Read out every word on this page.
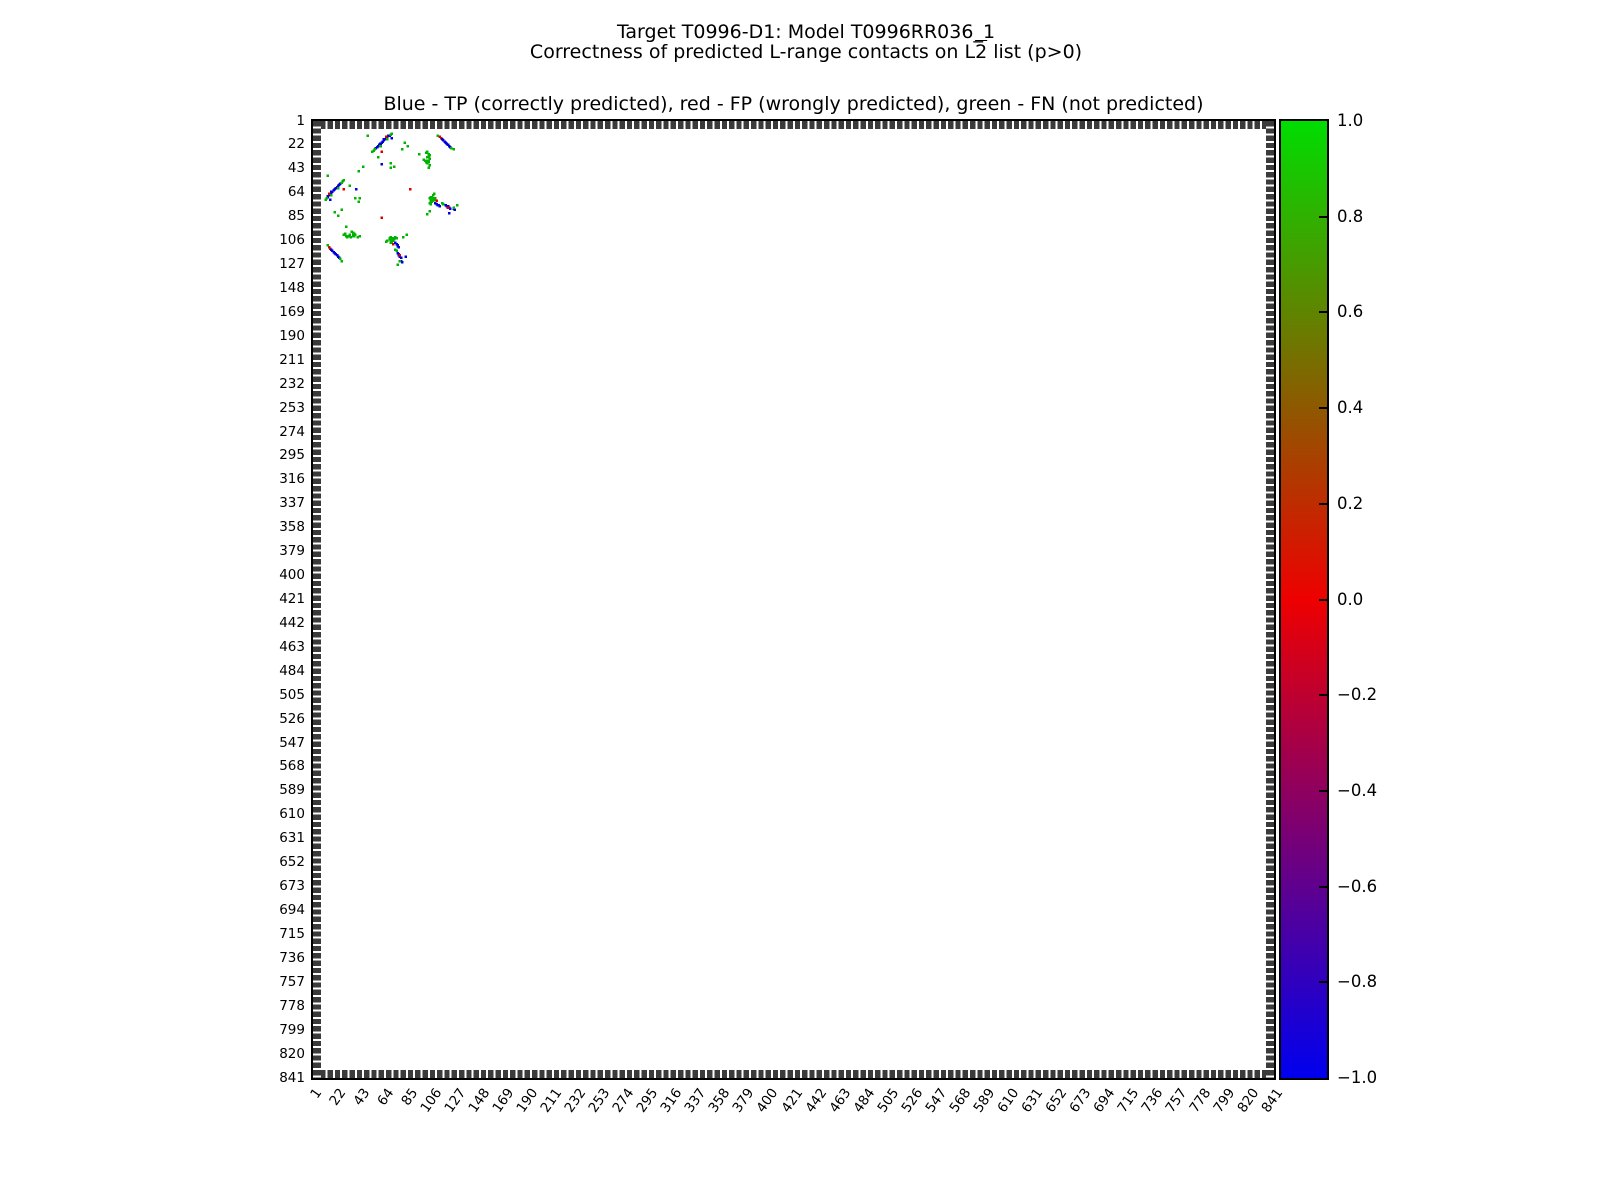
Target T0996-D1: Model T0996RR036_1
Correctness of predicted L-range contacts on L2 list (p>0)
Blue - TP (correctly predicted), red - FP (wrongly predicted), green - FN (not predicted)
1
22
43
64
85
106
127
148
169
190
211
232
253
274
295
316
337
358
379
400
421
442
463
484
505
526
547
568
589
610
631
652
673
694
715
736
757
778
799
820
841
1 22 43 64 85
106
127
148
169
190
211
232
253
274
295
316
337
358
379
400
421
442
463
484
505
526
547
568
589
610
631
652
673
694
715
736
757
778
799
820
841
1.0
0.8
0.6
0.4
0.2
0.0
−0.2
−0.4
−0.6
−0.8
−1.0
